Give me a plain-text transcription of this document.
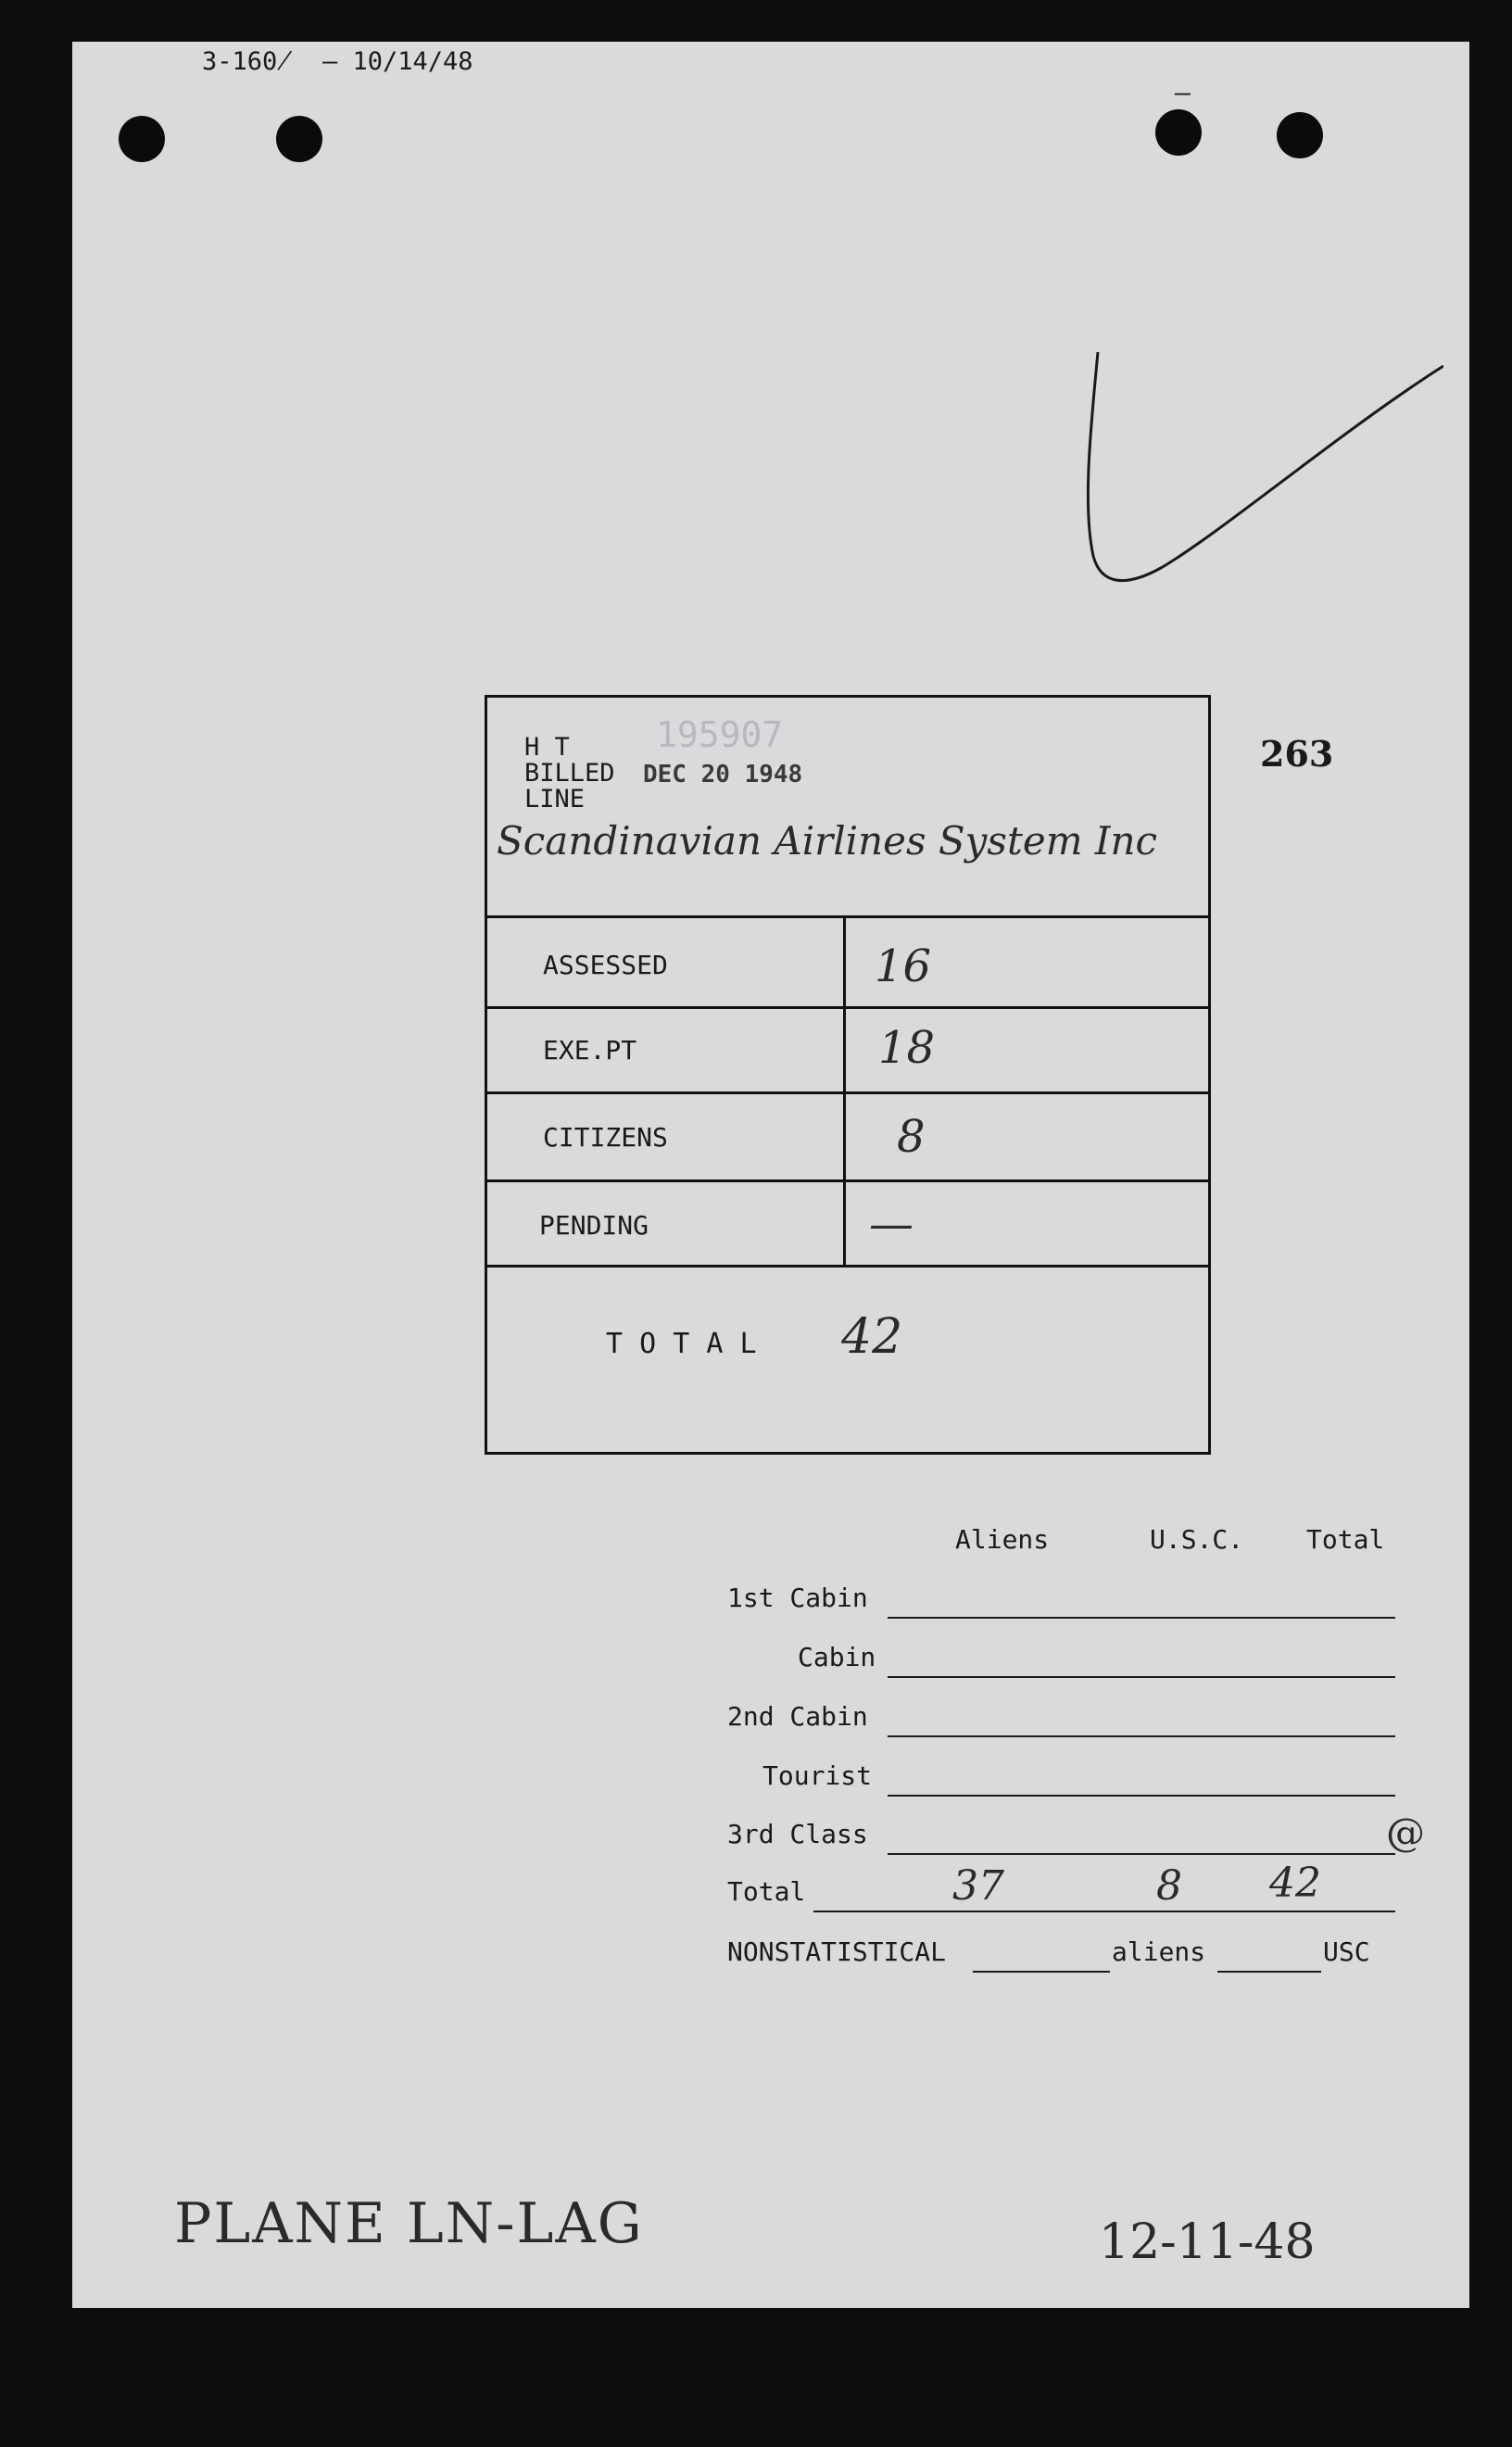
3-160̸ – 10/14/48
—
263
H T
BILLED
LINE
195907
DEC 20 1948
Scandinavian Airlines System Inc
ASSESSED	16
EXE.PT	18
CITIZENS	8
PENDING	—
T O T A L 42
Aliens	U.S.C. Total
1st Cabin
Cabin
2nd Cabin
Tourist
3rd Class	@
Total	37	8 42
NONSTATISTICAL	aliens	USC
PLANE LN-LAG	12-11-48
